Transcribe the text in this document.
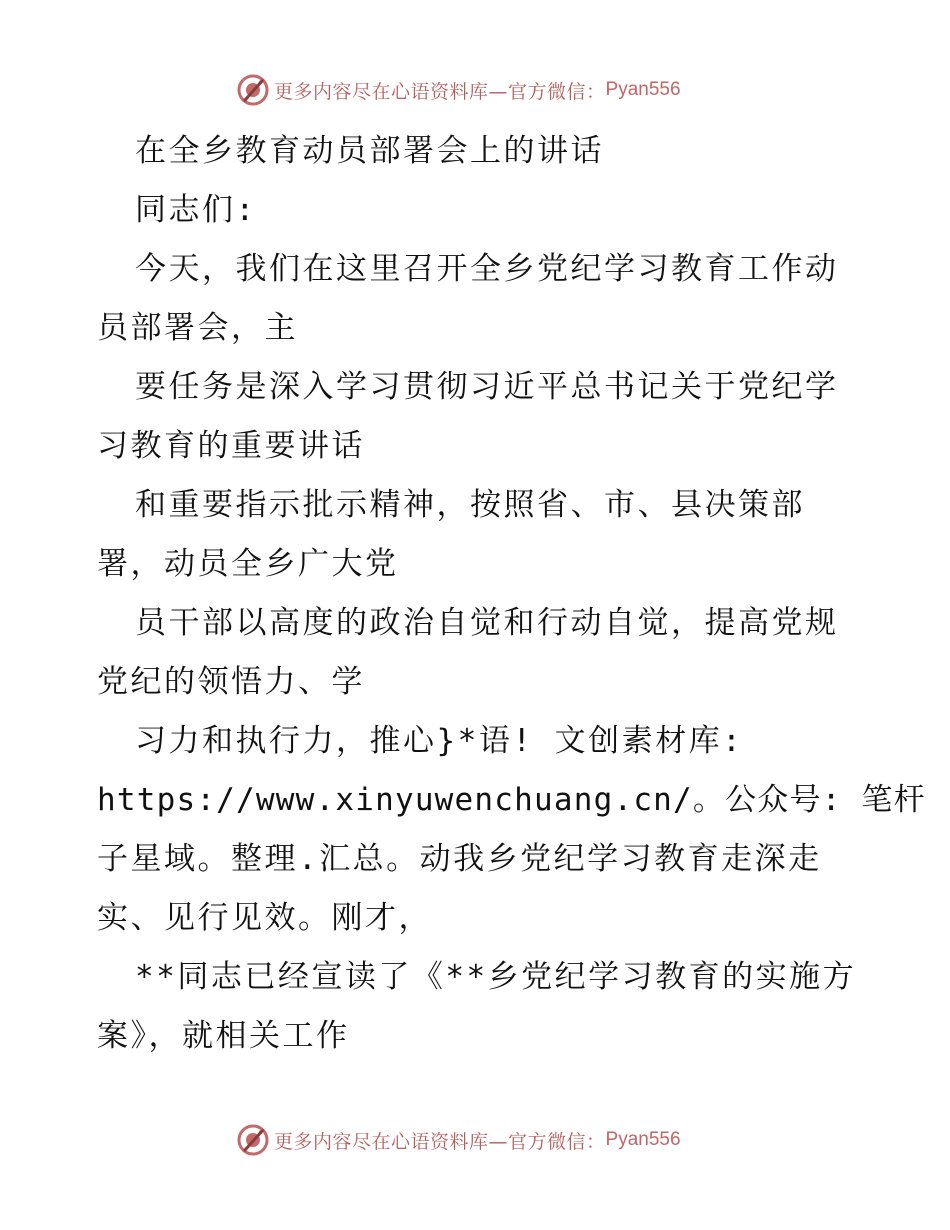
更多内容尽在心语资料库—官方微信： Pyan556
在全乡教育动员部署会上的讲话
同志们:
今天，我们在这里召开全乡党纪学习教育工作动
员部署会，主
要任务是深入学习贯彻习近平总书记关于党纪学
习教育的重要讲话
和重要指示批示精神，按照省、市、县决策部
署，动员全乡广大党
员干部以高度的政治自觉和行动自觉，提高党规
党纪的领悟力、学
习力和执行力，推心}*语! 文创素材库:
https://www.xinyuwenchuang.cn/。公众号: 笔杆
子星域。整理.汇总。动我乡党纪学习教育走深走
实、见行见效。刚才，
**同志已经宣读了《**乡党纪学习教育的实施方
案》，就相关工作
更多内容尽在心语资料库—官方微信： Pyan556
